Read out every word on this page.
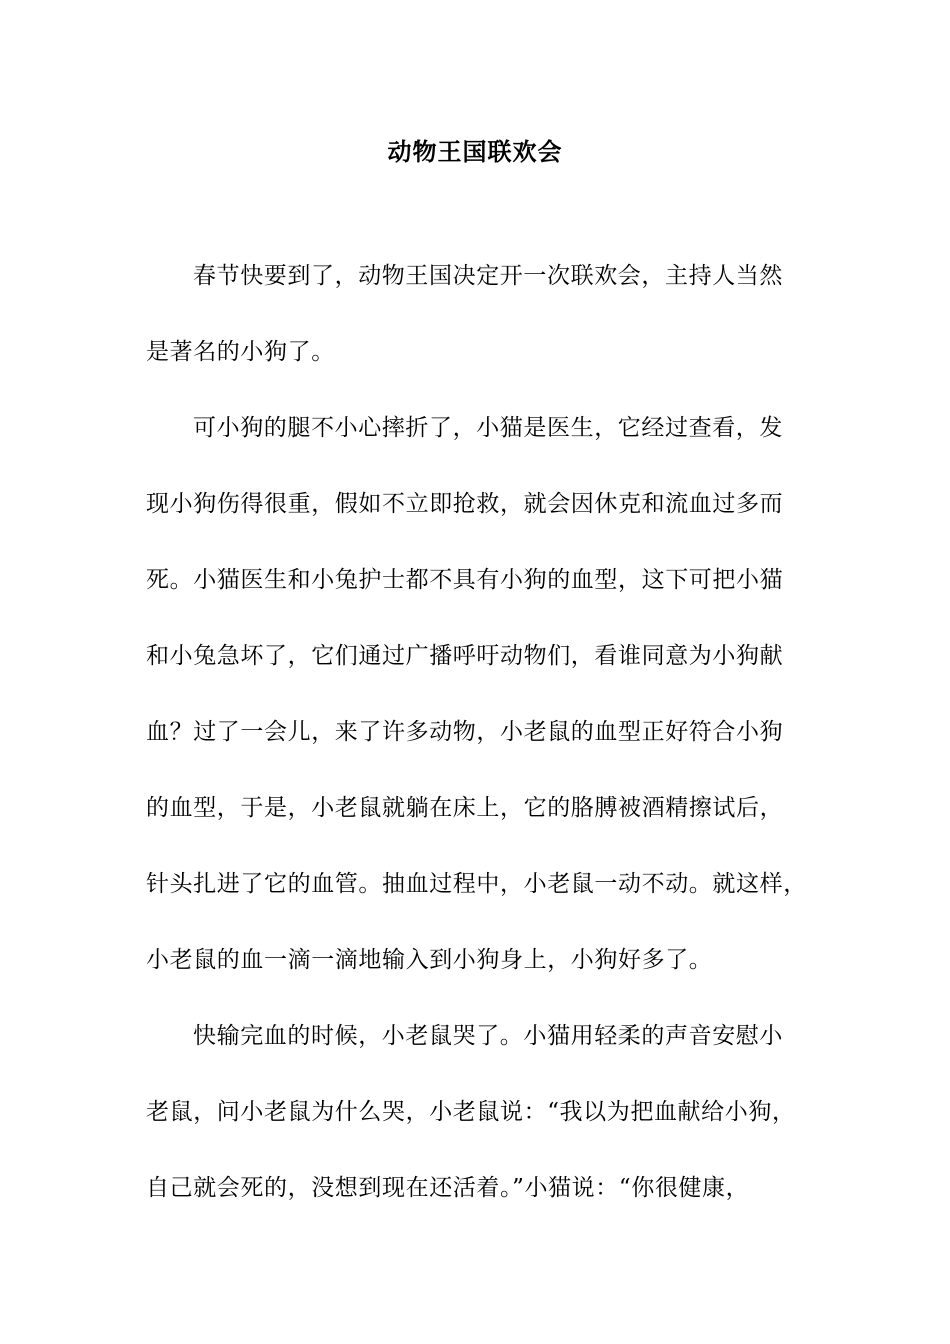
动物王国联欢会
春节快要到了，动物王国决定开一次联欢会，主持人当然
是著名的小狗了。
可小狗的腿不小心摔折了，小猫是医生，它经过查看，发
现小狗伤得很重，假如不立即抢救，就会因休克和流血过多而
死。小猫医生和小兔护士都不具有小狗的血型，这下可把小猫
和小兔急坏了，它们通过广播呼吁动物们，看谁同意为小狗献
血？过了一会儿，来了许多动物，小老鼠的血型正好符合小狗
的血型，于是，小老鼠就躺在床上，它的胳膊被酒精擦试后，
针头扎进了它的血管。抽血过程中，小老鼠一动不动。就这样，
小老鼠的血一滴一滴地输入到小狗身上，小狗好多了。
快输完血的时候，小老鼠哭了。小猫用轻柔的声音安慰小
老鼠，问小老鼠为什么哭，小老鼠说：“我以为把血献给小狗，
自己就会死的，没想到现在还活着。”小猫说：“你很健康，
